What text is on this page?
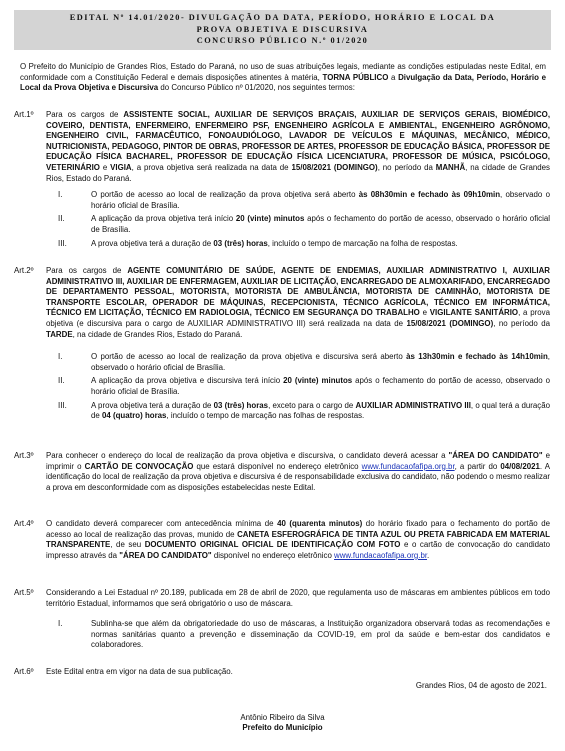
EDITAL Nº 14.01/2020- DIVULGAÇÃO DA DATA, PERÍODO, HORÁRIO E LOCAL DA
PROVA OBJETIVA E DISCURSIVA
CONCURSO PÚBLICO N.º 01/2020

O Prefeito do Município de Grandes Rios, Estado do Paraná, no uso de suas atribuições legais, mediante as condições estipuladas neste Edital, em conformidade com a Constituição Federal e demais disposições atinentes à matéria, TORNA PÚBLICO a Divulgação da Data, Período, Horário e Local da Prova Objetiva e Discursiva do Concurso Público nº 01/2020, nos seguintes termos:

Art.1º Para os cargos de ASSISTENTE SOCIAL, AUXILIAR DE SERVIÇOS BRAÇAIS, AUXILIAR DE SERVIÇOS GERAIS, BIOMÉDICO, COVEIRO, DENTISTA, ENFERMEIRO, ENFERMEIRO PSF, ENGENHEIRO AGRÍCOLA E AMBIENTAL, ENGENHEIRO AGRÔNOMO, ENGENHEIRO CIVIL, FARMACÊUTICO, FONOAUDIÓLOGO, LAVADOR DE VEÍCULOS E MÁQUINAS, MECÂNICO, MÉDICO, NUTRICIONISTA, PEDAGOGO, PINTOR DE OBRAS, PROFESSOR DE ARTES, PROFESSOR DE EDUCAÇÃO BÁSICA, PROFESSOR DE EDUCAÇÃO FÍSICA BACHAREL, PROFESSOR DE EDUCAÇÃO FÍSICA LICENCIATURA, PROFESSOR DE MÚSICA, PSICÓLOGO, VETERINÁRIO e VIGIA, a prova objetiva será realizada na data de 15/08/2021 (DOMINGO), no período da MANHÃ, na cidade de Grandes Rios, Estado do Paraná.

I.	O portão de acesso ao local de realização da prova objetiva será aberto às 08h30min e fechado às 09h10min, observado o horário oficial de Brasília.
II.	A aplicação da prova objetiva terá início 20 (vinte) minutos após o fechamento do portão de acesso, observado o horário oficial de Brasília.
III.	A prova objetiva terá a duração de 03 (três) horas, incluído o tempo de marcação na folha de respostas.
Art.2º Para os cargos de AGENTE COMUNITÁRIO DE SAÚDE, AGENTE DE ENDEMIAS, AUXILIAR ADMINISTRATIVO I, AUXILIAR ADMINISTRATIVO III, AUXILIAR DE ENFERMAGEM, AUXILIAR DE LICITAÇÃO, ENCARREGADO DE ALMOXARIFADO, ENCARREGADO DE DEPARTAMENTO PESSOAL, MOTORISTA, MOTORISTA DE AMBULÂNCIA, MOTORISTA DE CAMINHÃO, MOTORISTA DE TRANSPORTE ESCOLAR, OPERADOR DE MÁQUINAS, RECEPCIONISTA, TÉCNICO AGRÍCOLA, TÉCNICO EM INFORMÁTICA, TÉCNICO EM LICITAÇÃO, TÉCNICO EM RADIOLOGIA, TÉCNICO EM SEGURANÇA DO TRABALHO e VIGILANTE SANITÁRIO, a prova objetiva (e discursiva para o cargo de AUXILIAR ADMINISTRATIVO III) será realizada na data de 15/08/2021 (DOMINGO), no período da TARDE, na cidade de Grandes Rios, Estado do Paraná.

I.	O portão de acesso ao local de realização da prova objetiva e discursiva será aberto às 13h30min e fechado às 14h10min, observado o horário oficial de Brasília.
II.	A aplicação da prova objetiva e discursiva terá início 20 (vinte) minutos após o fechamento do portão de acesso, observado o horário oficial de Brasília.
III.	A prova objetiva terá a duração de 03 (três) horas, exceto para o cargo de AUXILIAR ADMINISTRATIVO III, o qual terá a duração de 04 (quatro) horas, incluído o tempo de marcação nas folhas de respostas.
Art.3º Para conhecer o endereço do local de realização da prova objetiva e discursiva, o candidato deverá acessar a "ÁREA DO CANDIDATO" e imprimir o CARTÃO DE CONVOCAÇÃO que estará disponível no endereço eletrônico www.fundacaofafipa.org.br, a partir do 04/08/2021. A identificação do local de realização da prova objetiva e discursiva é de responsabilidade exclusiva do candidato, não podendo o mesmo realizar a prova em desconformidade com as disposições estabelecidas neste Edital.

Art.4º O candidato deverá comparecer com antecedência mínima de 40 (quarenta minutos) do horário fixado para o fechamento do portão de acesso ao local de realização das provas, munido de CANETA ESFEROGRÁFICA DE TINTA AZUL OU PRETA FABRICADA EM MATERIAL TRANSPARENTE, de seu DOCUMENTO ORIGINAL OFICIAL DE IDENTIFICAÇÃO COM FOTO e o cartão de convocação do candidato impresso através da "ÁREA DO CANDIDATO" disponível no endereço eletrônico www.fundacaofafipa.org.br.

Art.5º Considerando a Lei Estadual nº 20.189, publicada em 28 de abril de 2020, que regulamenta uso de máscaras em ambientes públicos em todo território Estadual, informamos que será obrigatório o uso de máscara.

I.	Sublinha-se que além da obrigatoriedade do uso de máscaras, a Instituição organizadora observará todas as recomendações e normas sanitárias quanto a prevenção e disseminação da COVID-19, em prol da saúde e bem-estar dos candidatos e colaboradores.
Art.6º Este Edital entra em vigor na data de sua publicação.

Grandes Rios, 04 de agosto de 2021.
Antônio Ribeiro da Silva
Prefeito do Município
